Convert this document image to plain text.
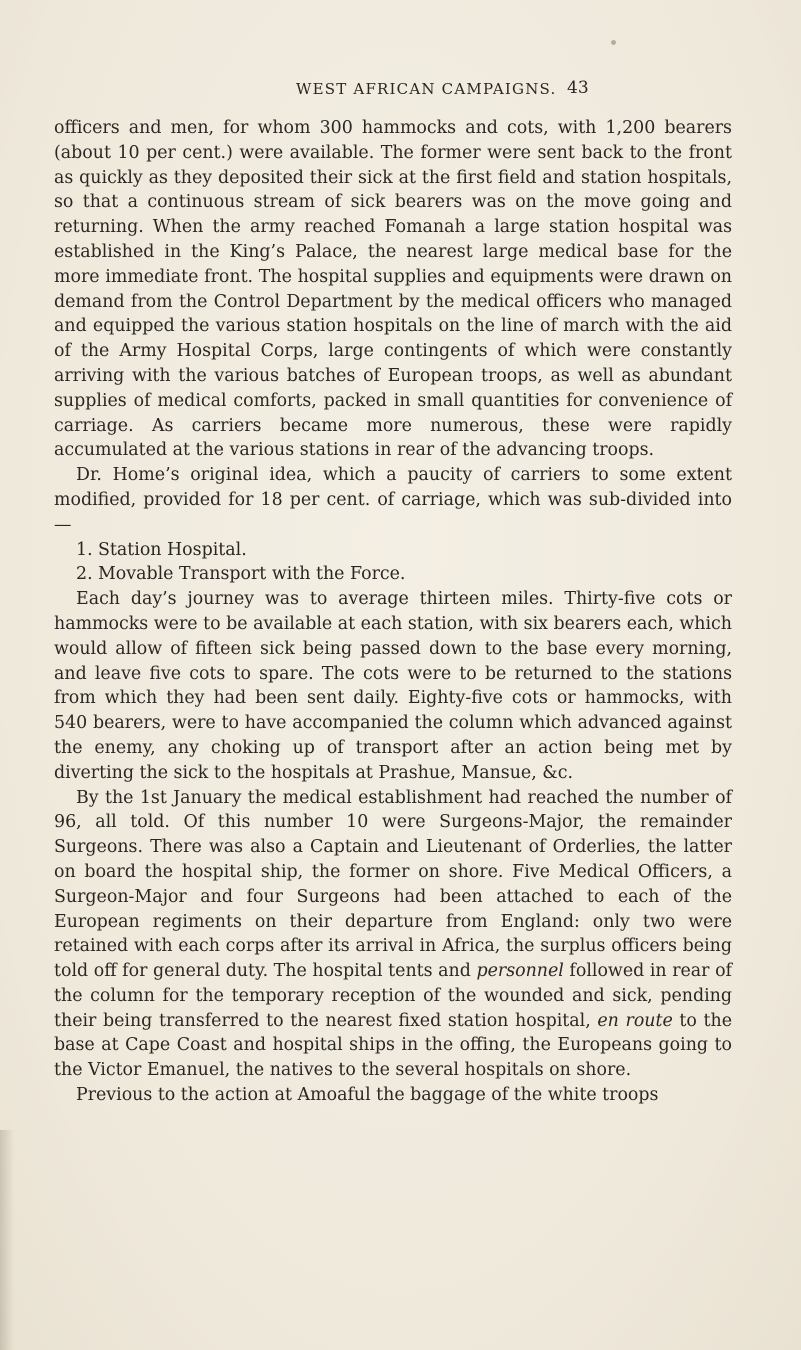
WEST AFRICAN CAMPAIGNS. 43

officers and men, for whom 300 hammocks and cots, with 1,200 bearers (about 10 per cent.) were available. The former were sent back to the front as quickly as they deposited their sick at the first field and station hospitals, so that a continuous stream of sick bearers was on the move going and returning. When the army reached Fomanah a large station hospital was established in the King’s Palace, the nearest large medical base for the more immediate front. The hospital supplies and equipments were drawn on demand from the Control Department by the medical officers who managed and equipped the various station hospitals on the line of march with the aid of the Army Hospital Corps, large contingents of which were constantly arriving with the various batches of European troops, as well as abundant supplies of medical comforts, packed in small quantities for convenience of carriage. As carriers became more numerous, these were rapidly accumulated at the various stations in rear of the advancing troops.

Dr. Home’s original idea, which a paucity of carriers to some extent modified, provided for 18 per cent. of carriage, which was sub-divided into—

1. Station Hospital.
2. Movable Transport with the Force.

Each day’s journey was to average thirteen miles. Thirty-five cots or hammocks were to be available at each station, with six bearers each, which would allow of fifteen sick being passed down to the base every morning, and leave five cots to spare. The cots were to be returned to the stations from which they had been sent daily. Eighty-five cots or hammocks, with 540 bearers, were to have accompanied the column which advanced against the enemy, any choking up of transport after an action being met by diverting the sick to the hospitals at Prashue, Mansue, &c.

By the 1st January the medical establishment had reached the number of 96, all told. Of this number 10 were Surgeons-Major, the remainder Surgeons. There was also a Captain and Lieutenant of Orderlies, the latter on board the hospital ship, the former on shore. Five Medical Officers, a Surgeon-Major and four Surgeons had been attached to each of the European regiments on their departure from England: only two were retained with each corps after its arrival in Africa, the surplus officers being told off for general duty. The hospital tents and personnel followed in rear of the column for the temporary reception of the wounded and sick, pending their being transferred to the nearest fixed station hospital, en route to the base at Cape Coast and hospital ships in the offing, the Europeans going to the Victor Emanuel, the natives to the several hospitals on shore.

Previous to the action at Amoaful the baggage of the white troops
